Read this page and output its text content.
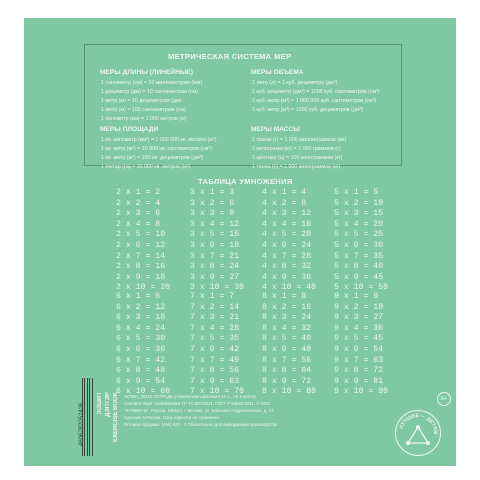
МЕТРИЧЕСКАЯ СИСТЕМА МЕР
МЕРЫ ДЛИНЫ (ЛИНЕЙНЫЕ)
1 сантиметр (см) = 10 миллиметрам (мм)
1 дециметр (дм) = 10 сантиметрам (см)
1 метр (м) = 10 дециметрам (дм)
1 метр (м) = 100 сантиметрам (см)
1 километр (км) = 1 000 метров (м)
МЕРЫ ПЛОЩАДИ
1 кв. километр (км²) = 1 000 000 кв. метров (м²)
1 кв. метр (м²) = 10 000 кв. сантиметров (см²)
1 кв. метр (м²) = 100 кв. дециметров (дм²)
1 гектар (га) = 10 000 кв. метров (м²)
МЕРЫ ОБЪЕМА
1 литр (л) = 1 куб. дециметру (дм³)
1 куб. дециметр (дм³) = 1000 куб. сантиметров (см³)
1 куб. метр (м³) = 1 000 000 куб. сантиметров (см³)
1 куб. метр (м³) = 1000 куб. дециметров (дм³)
МЕРЫ МАССЫ
1 грамм (г) = 1 000 миллиграммов (мг)
1 килограмм (кг) = 1 000 граммов (г)
1 центнер (ц) = 100 килограммов (кг)
1 тонна (т) = 1 000 килограммов (кг)
ТАБЛИЦА УМНОЖЕНИЯ
2 x 1 = 2
2 x 2 = 4
2 x 3 = 6
2 x 4 = 8
2 x 5 = 10
2 x 6 = 12
2 x 7 = 14
2 x 8 = 16
2 x 9 = 18
2 x 10 = 20
3 x 1 = 3
3 x 2 = 6
3 x 3 = 9
3 x 4 = 12
3 x 5 = 15
3 x 6 = 18
3 x 7 = 21
3 x 8 = 24
3 x 9 = 27
3 x 10 = 30
4 x 1 = 4
4 x 2 = 8
4 x 3 = 12
4 x 4 = 16
4 x 5 = 20
4 x 6 = 24
4 x 7 = 28
4 x 8 = 32
4 x 9 = 36
4 x 10 = 40
5 x 1 = 5
5 x 2 = 10
5 x 3 = 15
5 x 4 = 20
5 x 5 = 25
5 x 6 = 30
5 x 7 = 35
5 x 8 = 40
5 x 9 = 45
5 x 10 = 50
6 x 1 = 6
6 x 2 = 12
6 x 3 = 18
6 x 4 = 24
6 x 5 = 30
6 x 6 = 36
6 x 7 = 42
6 x 8 = 48
6 x 9 = 54
6 x 10 = 60
7 x 1 = 7
7 x 2 = 14
7 x 3 = 21
7 x 4 = 28
7 x 5 = 35
7 x 6 = 42
7 x 7 = 49
7 x 8 = 56
7 x 9 = 63
7 x 10 = 70
8 x 1 = 8
8 x 2 = 16
8 x 3 = 24
8 x 4 = 32
8 x 5 = 40
8 x 6 = 48
8 x 7 = 56
8 x 8 = 64
8 x 9 = 72
8 x 10 = 80
9 x 1 = 9
9 x 2 = 18
9 x 3 = 27
9 x 4 = 36
9 x 5 = 45
9 x 6 = 54
9 x 7 = 63
9 x 8 = 72
9 x 9 = 81
9 x 10 = 90
4606782052426 ЗОШИТ ДЭПТЭР EXERCISE BOOK 127581_05112 ТЕТРАДЬ ученическая школьная 12 л., А5 в клетку.
Соответствует требованиям ТР ТС 007/2011, ГОСТ Р 54543-2011. © ООО
"ХАТБЕР-М", Россия, 109544, г. Москва, ул. Большая Андроньевская, д. 17.
Сделано в России. Срок годности не ограничен.
Оптовая продажа: (495) 925 - 2 Обязательно для информации производства
6+
ЛУЧШЕЕ — ДЕТЯМ
